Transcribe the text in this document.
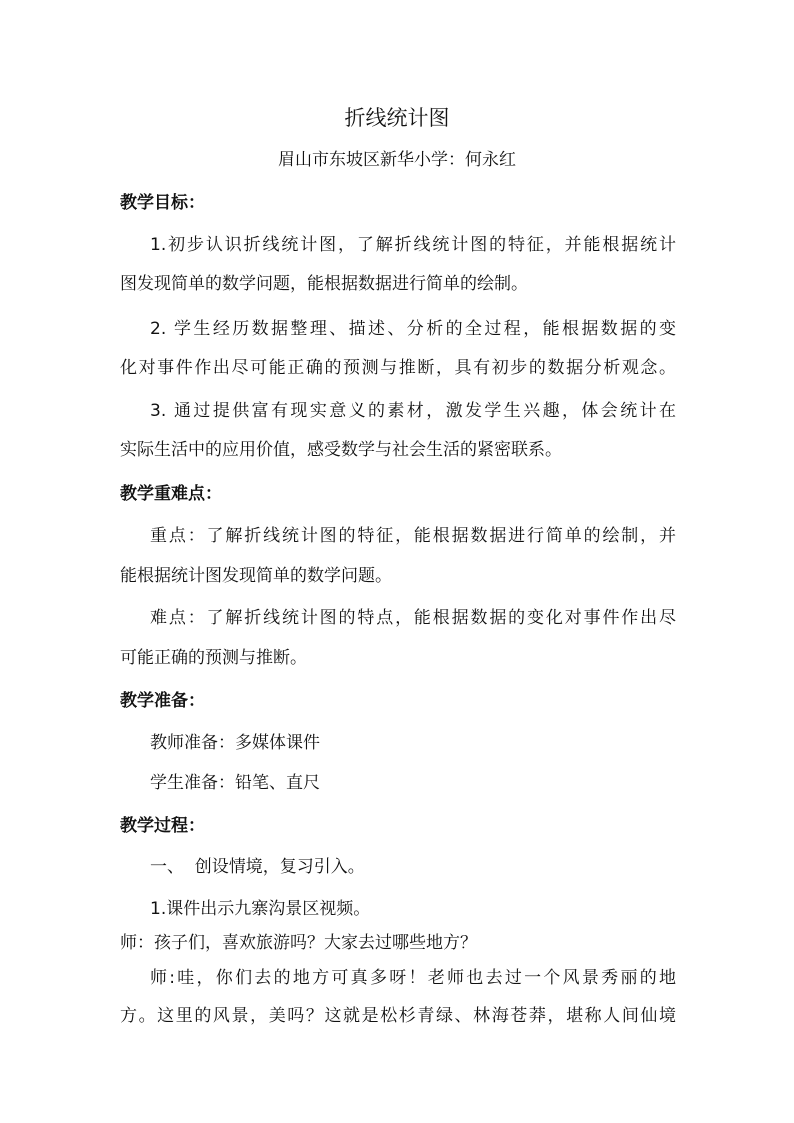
折线统计图
眉山市东坡区新华小学：何永红
教学目标：
1.初步认识折线统计图，了解折线统计图的特征，并能根据统计
图发现简单的数学问题，能根据数据进行简单的绘制。
2. 学生经历数据整理、描述、分析的全过程，能根据数据的变
化对事件作出尽可能正确的预测与推断，具有初步的数据分析观念。
3. 通过提供富有现实意义的素材，激发学生兴趣，体会统计在
实际生活中的应用价值，感受数学与社会生活的紧密联系。
教学重难点：
重点：了解折线统计图的特征，能根据数据进行简单的绘制，并
能根据统计图发现简单的数学问题。
难点：了解折线统计图的特点，能根据数据的变化对事件作出尽
可能正确的预测与推断。
教学准备：
教师准备：多媒体课件
学生准备：铅笔、直尺
教学过程：
一、  创设情境，复习引入。
1.课件出示九寨沟景区视频。
师：孩子们，喜欢旅游吗？大家去过哪些地方？
师:哇，你们去的地方可真多呀！老师也去过一个风景秀丽的地
方。这里的风景，美吗？这就是松杉青绿、林海苍莽，堪称人间仙境
